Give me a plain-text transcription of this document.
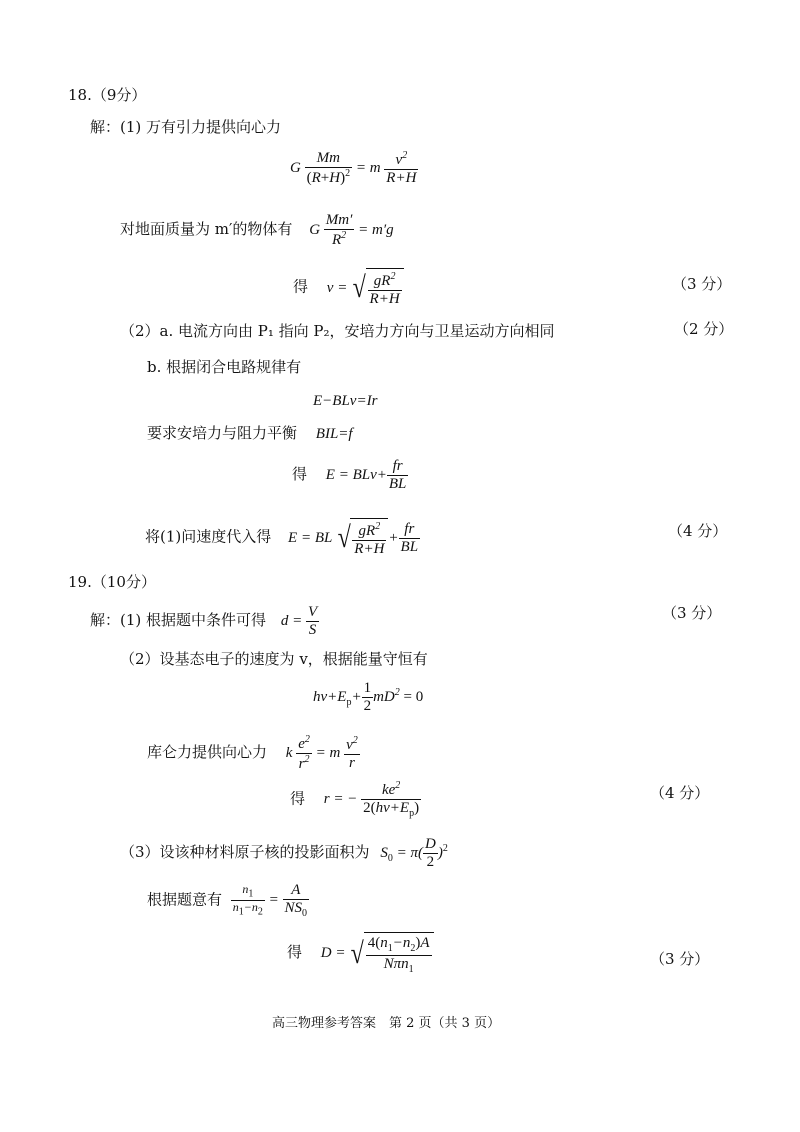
18.（9分）
解：(1) 万有引力提供向心力
G $\frac{Mm}{(R+H)^2} = m \frac{v^2}{R+H}$
对地面质量为 m′的物体有 G $\frac{Mm'}{R^2} = m'g$
得 v = √ $\frac{gR^2}{R+H}$	（3 分）
（2）a. 电流方向由 P₁ 指向 P₂，安培力方向与卫星运动方向相同	（2 分）
b. 根据闭合电路规律有
E−BLv=Ir
要求安培力与阻力平衡 BIL=f
得 $E = BLv+ \frac{fr}{BL}$
将(1)问速度代入得 E = BL √ $\frac{gR^2}{R+H} + \frac{fr}{BL}$	（4 分）
19.（10分）
解：(1) 根据题中条件可得 $d = \frac{V}{S}$	（3 分）
（2）设基态电子的速度为 v，根据能量守恒有
$h\nu+E_p+ \frac{1}{2} mD^2 = 0$
库仑力提供向心力 k $\frac{e^2}{r^2} = m \frac{v^2}{r}$
得 r = − $\frac{ke^2}{2(h\nu+E_p)}$	（4 分）
（3）设该种材料原子核的投影面积为 $S_0 = \pi( \frac{D}{2} )^2$
根据题意有 $\frac{n_1}{n_1-n_2} = \frac{A}{NS_0}$
得 D = √ $\frac{4(n_1-n_2)A}{N\pi n_1}$	（3 分）
高三物理参考答案　第 2 页（共 3 页）
